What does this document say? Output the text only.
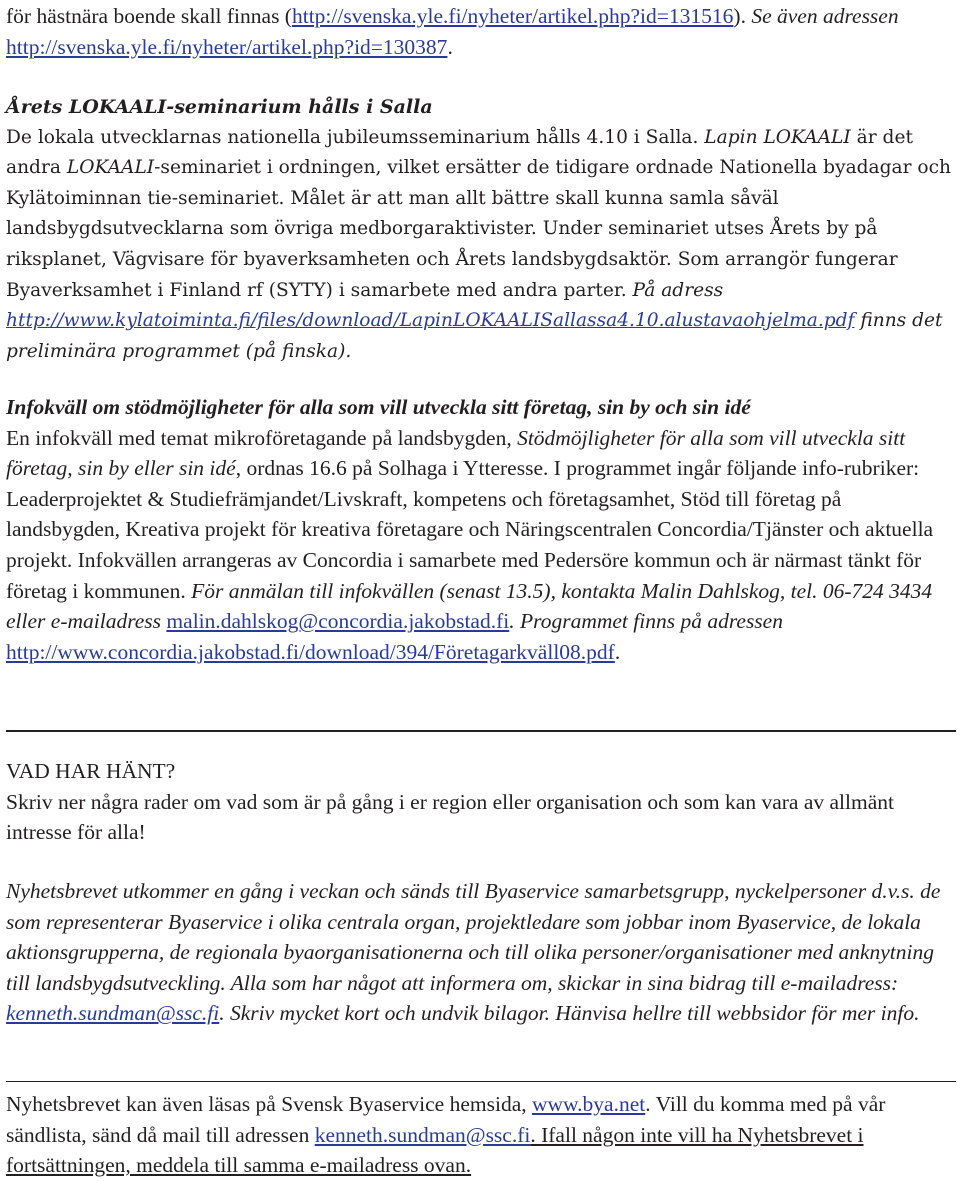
för hästnära boende skall finnas (http://svenska.yle.fi/nyheter/artikel.php?id=131516). Se även adressen http://svenska.yle.fi/nyheter/artikel.php?id=130387.

Årets LOKAALI-seminarium hålls i Salla

De lokala utvecklarnas nationella jubileumsseminarium hålls 4.10 i Salla. Lapin LOKAALI är det andra LOKAALI-seminariet i ordningen, vilket ersätter de tidigare ordnade Nationella byadagar och Kylätoiminnan tie-seminariet. Målet är att man allt bättre skall kunna samla såväl landsbygdsutvecklarna som övriga medborgaraktivister. Under seminariet utses Årets by på riksplanet, Vägvisare för byaverksamheten och Årets landsbygdsaktör. Som arrangör fungerar Byaverksamhet i Finland rf (SYTY) i samarbete med andra parter. På adress http://www.kylatoiminta.fi/files/download/LapinLOKAALISallassa4.10.alustavaohjelma.pdf finns det preliminära programmet (på finska).

Infokväll om stödmöjligheter för alla som vill utveckla sitt företag, sin by och sin idé

En infokväll med temat mikroföretagande på landsbygden, Stödmöjligheter för alla som vill utveckla sitt företag, sin by eller sin idé, ordnas 16.6 på Solhaga i Ytteresse. I programmet ingår följande info-rubriker: Leaderprojektet & Studiefrämjandet/Livskraft, kompetens och företagsamhet, Stöd till företag på landsbygden, Kreativa projekt för kreativa företagare och Näringscentralen Concordia/Tjänster och aktuella projekt. Infokvällen arrangeras av Concordia i samarbete med Pedersöre kommun och är närmast tänkt för företag i kommunen. För anmälan till infokvällen (senast 13.5), kontakta Malin Dahlskog, tel. 06-724 3434 eller e-mailadress malin.dahlskog@concordia.jakobstad.fi. Programmet finns på adressen http://www.concordia.jakobstad.fi/download/394/Företagarkväll08.pdf.

VAD HAR HÄNT?

Skriv ner några rader om vad som är på gång i er region eller organisation och som kan vara av allmänt intresse för alla!

Nyhetsbrevet utkommer en gång i veckan och sänds till Byaservice samarbetsgrupp, nyckelpersoner d.v.s. de som representerar Byaservice i olika centrala organ, projektledare som jobbar inom Byaservice, de lokala aktionsgrupperna, de regionala byaorganisationerna och till olika personer/organisationer med anknytning till landsbygdsutveckling. Alla som har något att informera om, skickar in sina bidrag till e-mailadress: kenneth.sundman@ssc.fi. Skriv mycket kort och undvik bilagor. Hänvisa hellre till webbsidor för mer info.

Nyhetsbrevet kan även läsas på Svensk Byaservice hemsida, www.bya.net. Vill du komma med på vår sändlista, sänd då mail till adressen kenneth.sundman@ssc.fi. Ifall någon inte vill ha Nyhetsbrevet i fortsättningen, meddela till samma e-mailadress ovan.
